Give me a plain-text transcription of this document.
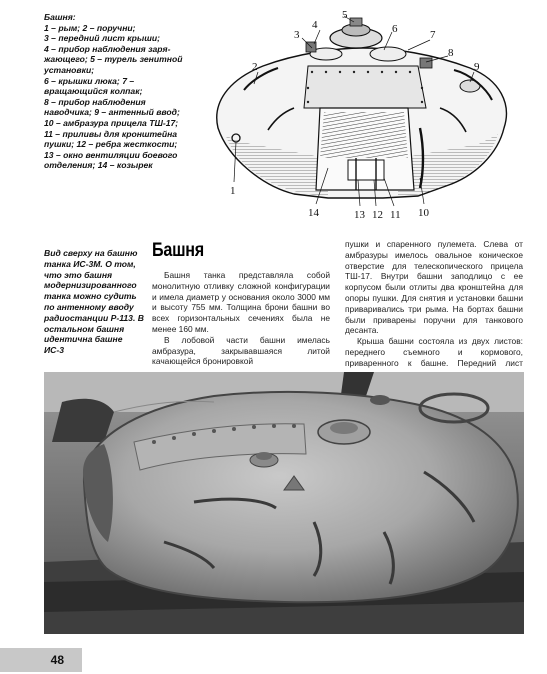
Башня:
1 – рым; 2 – поручни;
3 – передний лист крыши;
4 – прибор наблюдения заря-жающего; 5 – турель зенитной установки;
6 – крышки люка; 7 – вращающийся колпак;
8 – прибор наблюдения наводчика; 9 – антенный ввод;
10 – амбразура прицела ТШ-17;
11 – приливы для кронштейна пушки; 12 – ребра жесткости;
13 – окно вентиляции боевого отделения; 14 – козырек
1
2
3
4
5
6	7
8
9
10
11
12
13
14
Вид сверху на башню танка ИС-3М. О том, что это башня модернизированного танка можно судить по антенному вводу радиостанции Р-113. В остальном башня идентична башне ИС-3
Башня

Башня танка представляла собой монолитную отливку сложной конфигурации и имела диаметр у основания около 3000 мм и высоту 755 мм. Толщина брони башни во всех горизонтальных сечениях была не менее 160 мм.

В лобовой части башни имелась амбразура, закрывавшаяся литой качающейся бронировкой

пушки и спаренного пулемета. Слева от амбразуры имелось овальное коническое отверстие для телескопического прицела ТШ-17. Внутри башни заподлицо с ее корпусом были отлиты два кронштейна для опоры пушки. Для снятия и установки башни приваривались три рыма. На бортах башни были приварены поручни для танкового десанта.

Крыша башни состояла из двух листов: переднего съемного и кормового, приваренного к башне. Передний лист

48
